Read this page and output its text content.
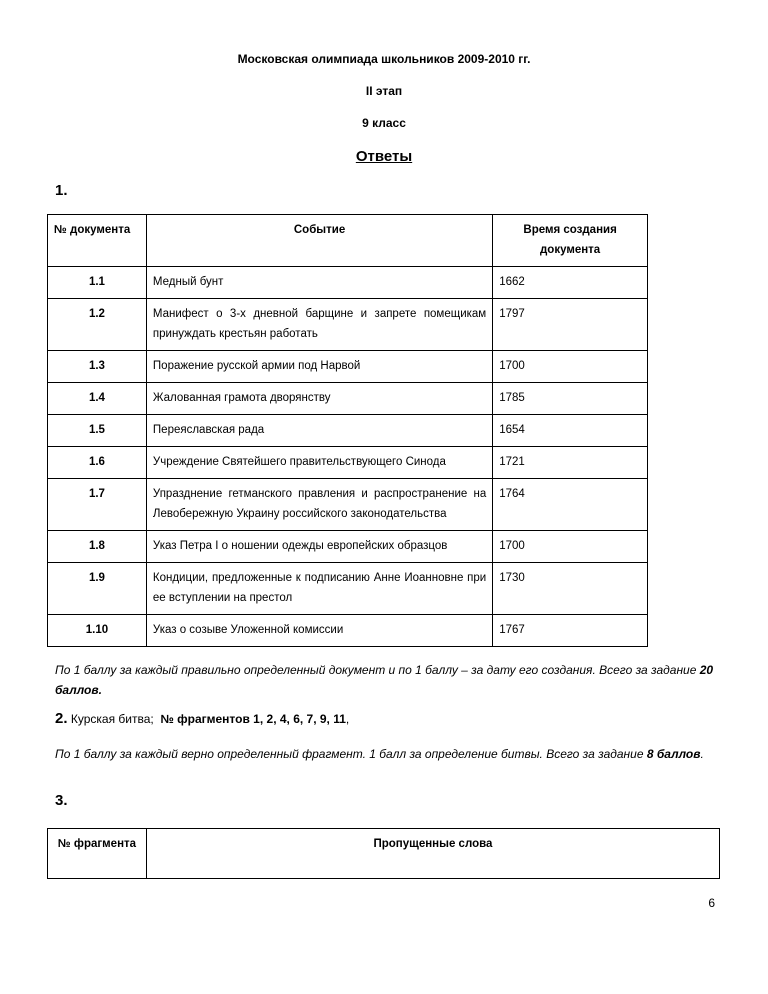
Московская олимпиада школьников 2009-2010 гг.
II этап
9 класс
Ответы
1.
№ документа	Событие	Время создания документа
1.1	Медный бунт	1662
1.2	Манифест о 3-х дневной барщине и запрете помещикам принуждать крестьян работать	1797
1.3	Поражение русской армии под Нарвой	1700
1.4	Жалованная грамота дворянству	1785
1.5	Переяславская рада	1654
1.6	Учреждение Святейшего правительствующего Синода	1721
1.7	Упразднение гетманского правления и распространение на Левобережную Украину российского законодательства	1764
1.8	Указ Петра I о ношении одежды европейских образцов	1700
1.9	Кондиции, предложенные к подписанию Анне Иоанновне при ее вступлении на престол	1730
1.10	Указ о созыве Уложенной комиссии	1767
По 1 баллу за каждый правильно определенный документ и по 1 баллу – за дату его создания. Всего за задание 20 баллов.
2. Курская битва; № фрагментов 1, 2, 4, 6, 7, 9, 11,
По 1 баллу за каждый верно определенный фрагмент. 1 балл за определение битвы. Всего за задание 8 баллов.
3.
№ фрагмента	Пропущенные слова
6
